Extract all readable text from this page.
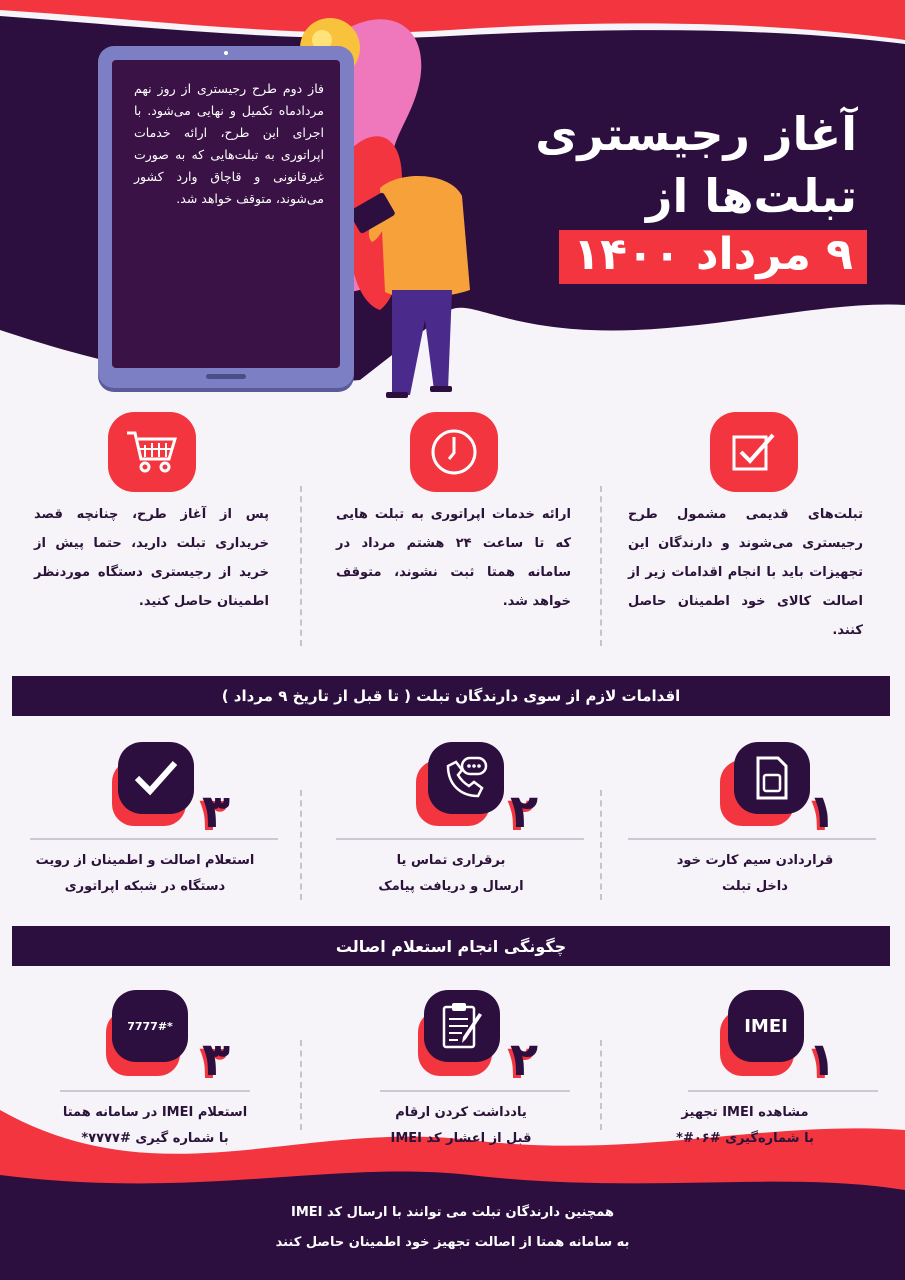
آغاز رجیستری
تبلت‌ها از
۹ مرداد ۱۴۰۰
فاز دوم طرح رجیستری از روز نهم مردادماه تکمیل و نهایی می‌شود. با اجرای این طرح، ارائه خدمات اپراتوری به تبلت‌هایی که به صورت غیرقانونی و قاچاق وارد کشور می‌شوند، متوقف خواهد شد.
تبلت‌های قدیمی مشمول طرح رجیستری می‌شوند و دارندگان این تجهیزات باید با انجام اقدامات زیر از اصالت کالای خود اطمینان حاصل کنند.
ارائه خدمات اپراتوری به تبلت هایی که تا ساعت ۲۴ هشتم مرداد در سامانه همتا ثبت نشوند، متوقف خواهد شد.
پس از آغاز طرح، چنانچه قصد خریداری تبلت دارید، حتما پیش از خرید از رجیستری دستگاه موردنظر اطمینان حاصل کنید.
اقدامات لازم از سوی دارندگان تبلت ( تا قبل از تاریخ ۹ مرداد )
۱
۲
۳
قراردادن سیم کارت خود
داخل تبلت
برقراری تماس یا
ارسال و دریافت پیامک
استعلام اصالت و اطمینان از رویت
دستگاه در شبکه اپراتوری
چگونگی انجام استعلام اصالت
IMEI
۱
۲
*7777#
۳
مشاهده IMEI تجهیز
با شماره‌گیری #۰۶#*
یادداشت کردن ارقام
قبل از اعشار کد IMEI
استعلام IMEI در سامانه همتا
با شماره گیری #۷۷۷۷*
همچنین دارندگان تبلت می توانند با ارسال کد IMEI
به سامانه همتا از اصالت تجهیز خود اطمینان حاصل کنند
